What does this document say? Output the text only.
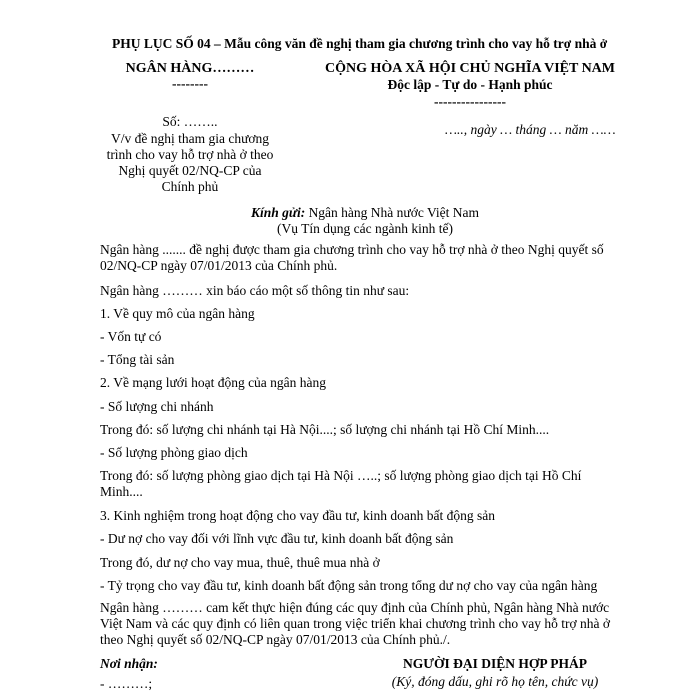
PHỤ LỤC SỐ 04 – Mẫu công văn đề nghị tham gia chương trình cho vay hỗ trợ nhà ở
NGÂN HÀNG………
--------
CỘNG HÒA XÃ HỘI CHỦ NGHĨA VIỆT NAM
Độc lập - Tự do - Hạnh phúc
----------------
Số: ……..
V/v đề nghị tham gia chương
trình cho vay hỗ trợ nhà ở theo
Nghị quyết 02/NQ-CP của
Chính phủ
….., ngày … tháng … năm ……
Kính gửi: Ngân hàng Nhà nước Việt Nam
(Vụ Tín dụng các ngành kinh tế)
Ngân hàng ....... đề nghị được tham gia chương trình cho vay hỗ trợ nhà ở theo Nghị quyết số 02/NQ-CP ngày 07/01/2013 của Chính phủ.
Ngân hàng ……… xin báo cáo một số thông tin như sau:
1. Về quy mô của ngân hàng
- Vốn tự có
- Tổng tài sản
2. Về mạng lưới hoạt động của ngân hàng
- Số lượng chi nhánh
Trong đó: số lượng chi nhánh tại Hà Nội....; số lượng chi nhánh tại Hồ Chí Minh....
- Số lượng phòng giao dịch
Trong đó: số lượng phòng giao dịch tại Hà Nội …..; số lượng phòng giao dịch tại Hồ Chí Minh....
3. Kinh nghiệm trong hoạt động cho vay đầu tư, kinh doanh bất động sản
- Dư nợ cho vay đối với lĩnh vực đầu tư, kinh doanh bất động sản
Trong đó, dư nợ cho vay mua, thuê, thuê mua nhà ở
- Tỷ trọng cho vay đầu tư, kinh doanh bất động sản trong tổng dư nợ cho vay của ngân hàng
Ngân hàng ……… cam kết thực hiện đúng các quy định của Chính phủ, Ngân hàng Nhà nước Việt Nam và các quy định có liên quan trong việc triển khai chương trình cho vay hỗ trợ nhà ở theo Nghị quyết số 02/NQ-CP ngày 07/01/2013 của Chính phủ./.
Nơi nhận:
- ………;
NGƯỜI ĐẠI DIỆN HỢP PHÁP
(Ký, đóng dấu, ghi rõ họ tên, chức vụ)
